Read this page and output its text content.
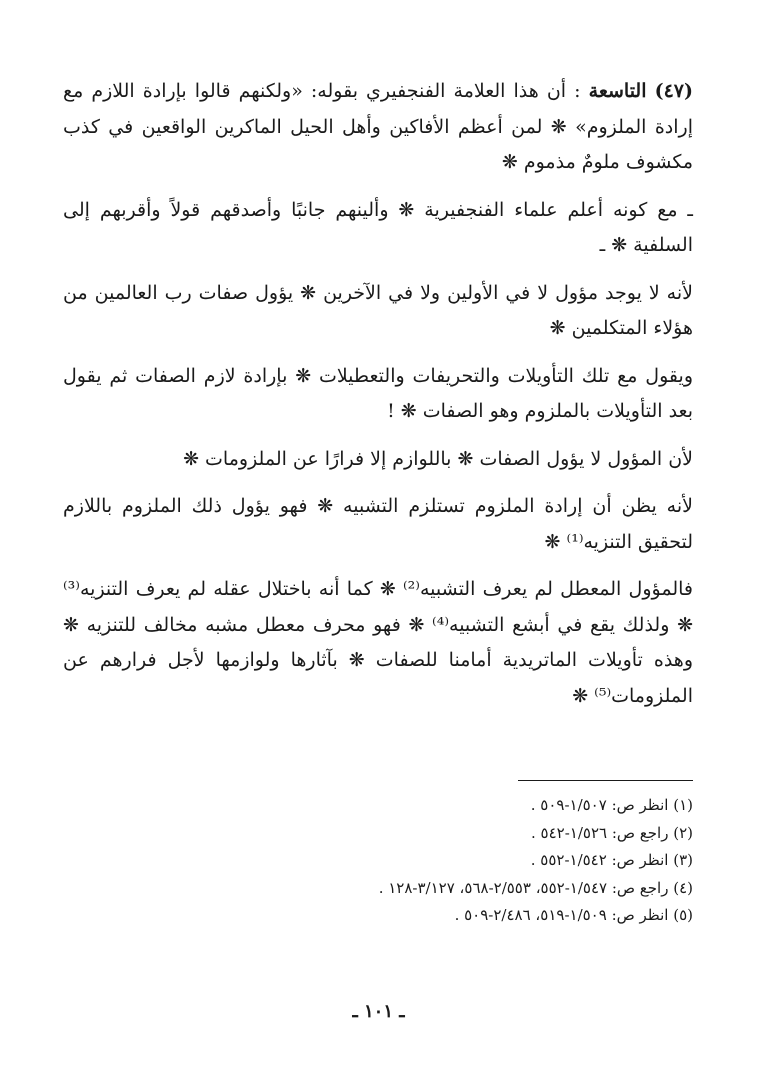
(٤٧) التاسعة : أن هذا العلامة الفنجفيري بقوله: «ولكنهم قالوا بإرادة اللازم مع إرادة الملزوم» ❋ لمن أعظم الأفاكين وأهل الحيل الماكرين الواقعين في كذب مكشوف ملومٌ مذموم ❋

ـ مع كونه أعلم علماء الفنجفيرية ❋ وألينهم جانبًا وأصدقهم قولاً وأقربهم إلى السلفية ❋ ـ

لأنه لا يوجد مؤول لا في الأولين ولا في الآخرين ❋ يؤول صفات رب العالمين من هؤلاء المتكلمين ❋

ويقول مع تلك التأويلات والتحريفات والتعطيلات ❋ بإرادة لازم الصفات ثم يقول بعد التأويلات بالملزوم وهو الصفات ❋ !

لأن المؤول لا يؤول الصفات ❋ باللوازم إلا فرارًا عن الملزومات ❋

لأنه يظن أن إرادة الملزوم تستلزم التشبيه ❋ فهو يؤول ذلك الملزوم باللازم لتحقيق التنزيه⁽¹⁾ ❋

فالمؤول المعطل لم يعرف التشبيه⁽²⁾ ❋ كما أنه باختلال عقله لم يعرف التنزيه⁽³⁾ ❋ ولذلك يقع في أبشع التشبيه⁽⁴⁾ ❋ فهو محرف معطل مشبه مخالف للتنزيه ❋ وهذه تأويلات الماتريدية أمامنا للصفات ❋ بآثارها ولوازمها لأجل فرارهم عن الملزومات⁽⁵⁾ ❋

(١) انظر ص: ١/٥٠٧-٥٠٩ .
(٢) راجع ص: ١/٥٢٦-٥٤٢ .
(٣) انظر ص: ١/٥٤٢-٥٥٢ .
(٤) راجع ص: ١/٥٤٧-٥٥٢، ٢/٥٥٣-٥٦٨، ٣/١٢٧-١٢٨ .
(٥) انظر ص: ١/٥٠٩-٥١٩، ٢/٤٨٦-٥٠٩ .
ـ ١٠١ ـ
